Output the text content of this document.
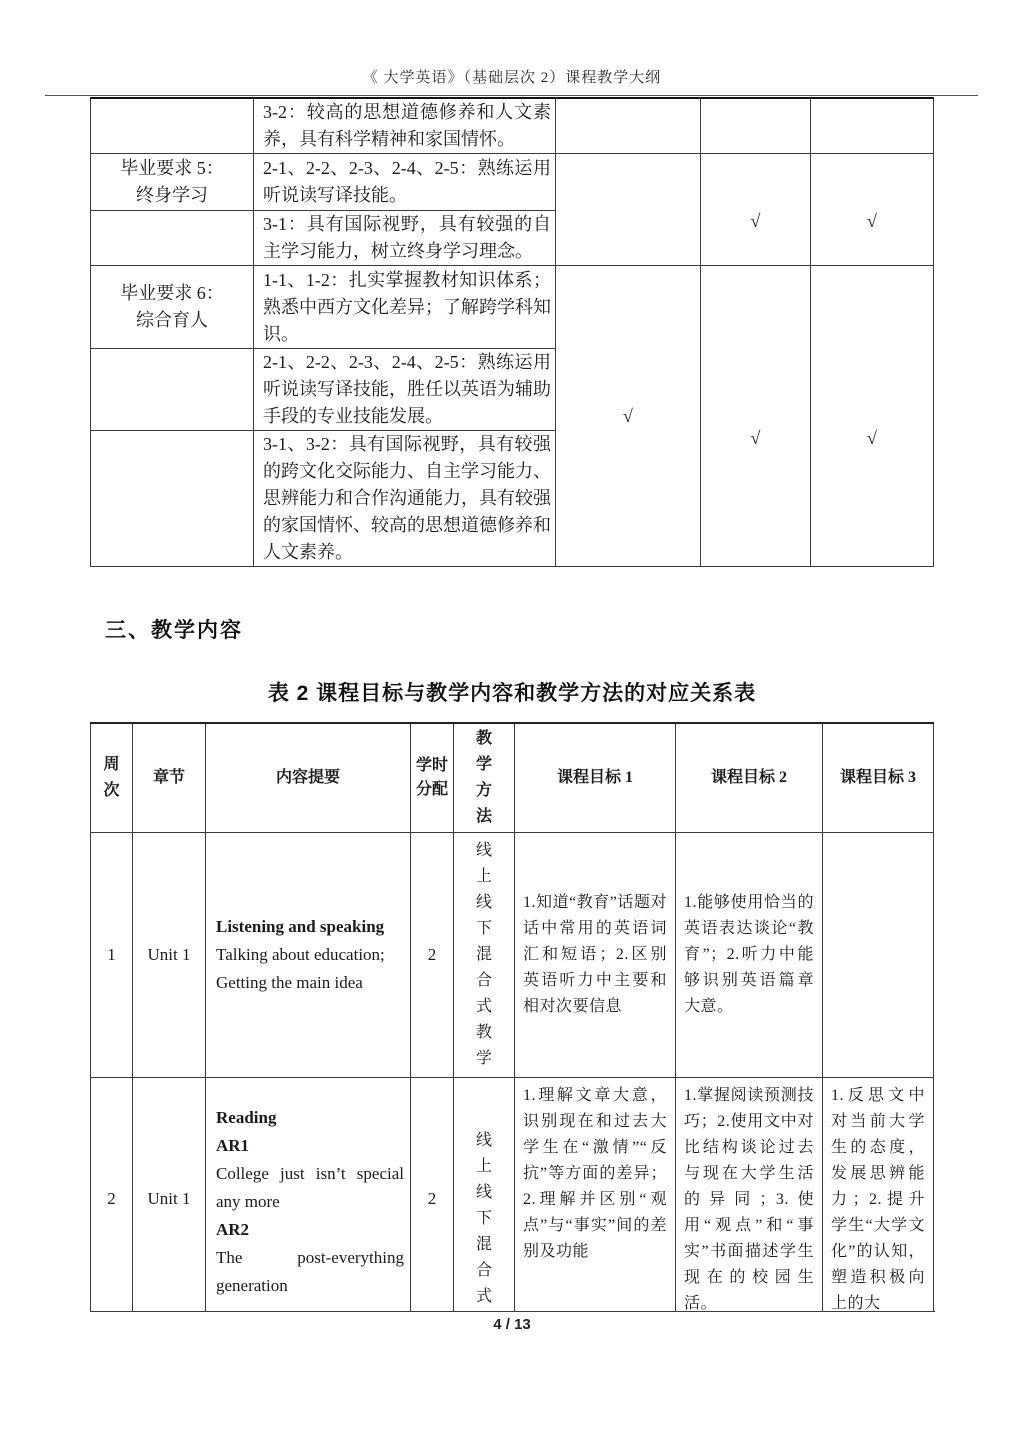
《 大学英语》（基础层次 2）课程教学大纲
	3-2：较高的思想道德修养和人文素养，具有科学精神和家国情怀。			

毕业要求 5：
终身学习	2-1、2-2、2-3、2-4、2-5：熟练运用听说读写译技能。		√	√
	3-1：具有国际视野，具有较强的自主学习能力，树立终身学习理念。			

毕业要求 6：
综合育人	1-1、1-2：扎实掌握教材知识体系；熟悉中西方文化差异；了解跨学科知识。	√	√	√
	2-1、2-2、2-3、2-4、2-5：熟练运用听说读写译技能，胜任以英语为辅助手段的专业技能发展。			
	3-1、3-2：具有国际视野，具有较强的跨文化交际能力、自主学习能力、思辨能力和合作沟通能力，具有较强的家国情怀、较高的思想道德修养和人文素养。			
三、教学内容
表 2 课程目标与教学内容和教学方法的对应关系表
周次	章节	内容提要	学时分配	教学方法	课程目标 1	课程目标 2	课程目标 3
1	Unit 1	Listening and speaking
Talking about education;
Getting the main idea	2	线上线下混合式教学	1.知道“教育”话题对话中常用的英语词汇和短语；2.区别英语听力中主要和相对次要信息	1.能够使用恰当的英语表达谈论“教育”；2.听力中能够识别英语篇章大意。	
2	Unit 1	Reading
AR1
College just isn’t special any more
AR2
The post-everything generation	2	线上线下混合式	1.理解文章大意，识别现在和过去大学生在“激情”“反抗”等方面的差异；2.理解并区别“观点”与“事实”间的差别及功能	1.掌握阅读预测技巧；2.使用文中对比结构谈论过去与现在大学生活的异同；3.使用“观点”和“事实”书面描述学生现在的校园生活。	1.反思文中对当前大学生的态度，发展思辨能力；2.提升学生“大学文化”的认知，塑造积极向上的大
4 / 13
